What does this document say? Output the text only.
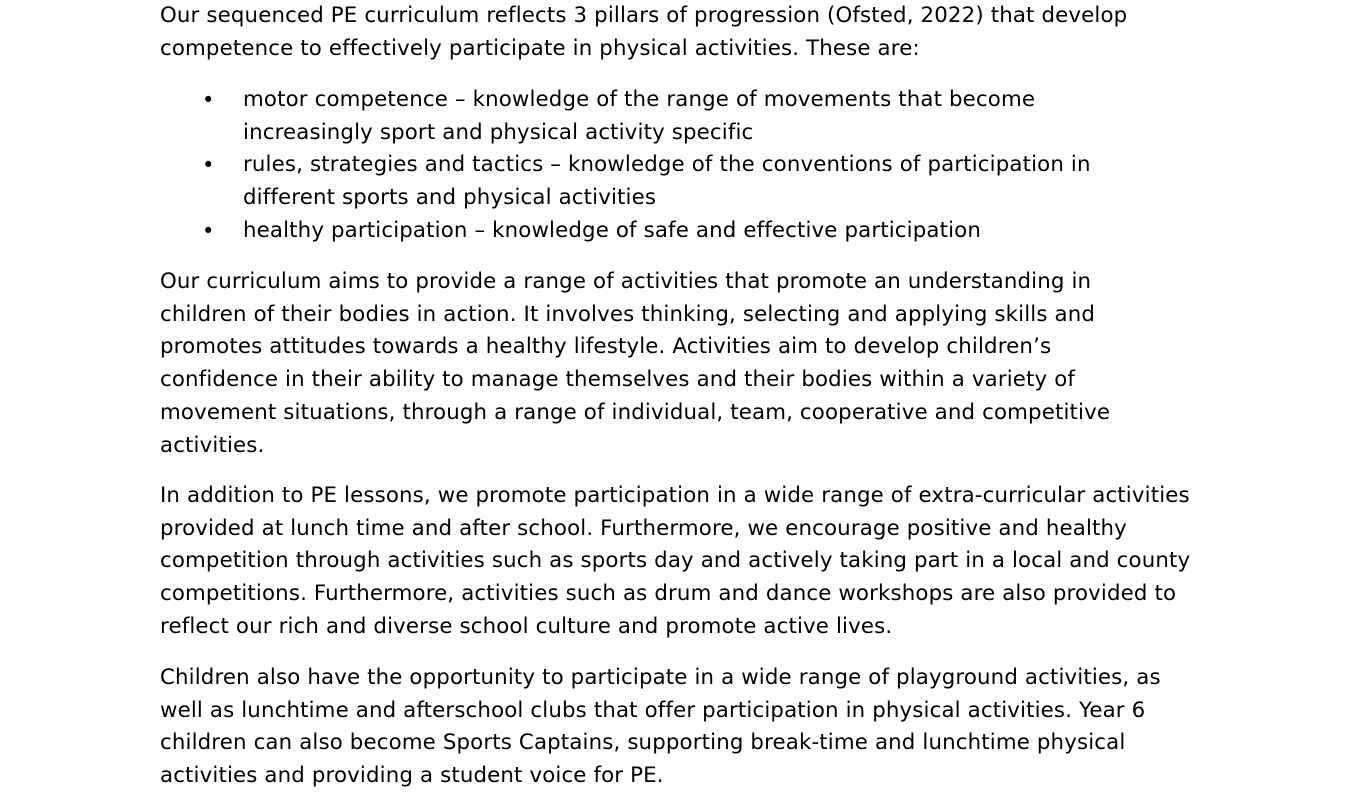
Our sequenced PE curriculum reflects 3 pillars of progression (Ofsted, 2022) that develop competence to effectively participate in physical activities. These are:

• motor competence – knowledge of the range of movements that become increasingly sport and physical activity specific
• rules, strategies and tactics – knowledge of the conventions of participation in different sports and physical activities
• healthy participation – knowledge of safe and effective participation

Our curriculum aims to provide a range of activities that promote an understanding in children of their bodies in action. It involves thinking, selecting and applying skills and promotes attitudes towards a healthy lifestyle. Activities aim to develop children’s confidence in their ability to manage themselves and their bodies within a variety of movement situations, through a range of individual, team, cooperative and competitive activities.

In addition to PE lessons, we promote participation in a wide range of extra-curricular activities provided at lunch time and after school. Furthermore, we encourage positive and healthy competition through activities such as sports day and actively taking part in a local and county competitions. Furthermore, activities such as drum and dance workshops are also provided to reflect our rich and diverse school culture and promote active lives.

Children also have the opportunity to participate in a wide range of playground activities, as well as lunchtime and afterschool clubs that offer participation in physical activities. Year 6 children can also become Sports Captains, supporting break-time and lunchtime physical activities and providing a student voice for PE.
